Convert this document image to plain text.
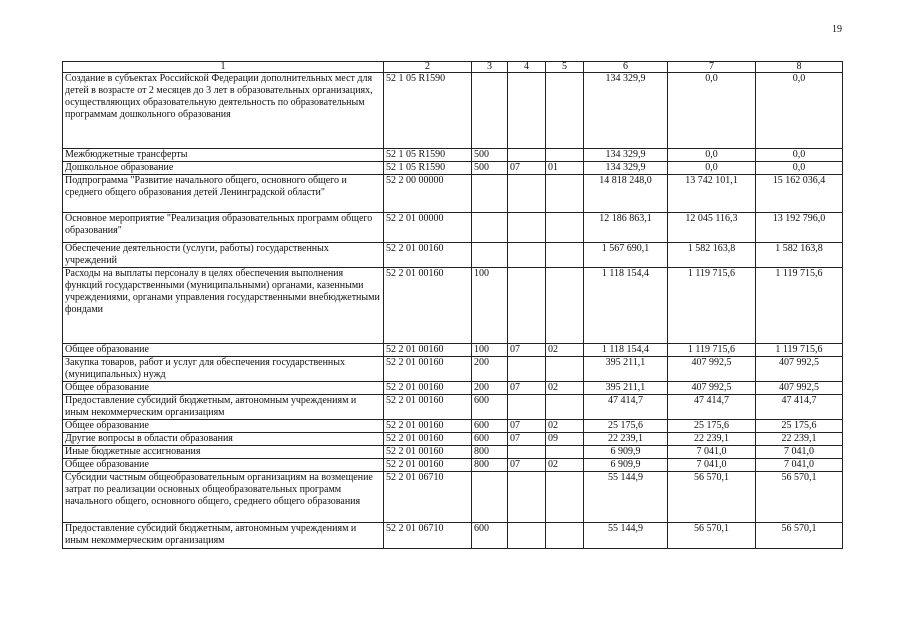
19
1	2	3	4	5	6	7	8
Создание в субъектах Российской Федерации дополнительных мест для детей в возрасте от 2 месяцев до 3 лет в образовательных организациях, осуществляющих образовательную деятельность по образовательным программам дошкольного образования	52 1 05 R1590				134 329,9	0,0	0,0
Межбюджетные трансферты	52 1 05 R1590	500			134 329,9	0,0	0,0
Дошкольное образование	52 1 05 R1590	500	07	01	134 329,9	0,0	0,0
Подпрограмма "Развитие начального общего, основного общего и среднего общего образования детей Ленинградской области"	52 2 00 00000				14 818 248,0	13 742 101,1	15 162 036,4
Основное мероприятие "Реализация образовательных программ общего образования"	52 2 01 00000				12 186 863,1	12 045 116,3	13 192 796,0
Обеспечение деятельности (услуги, работы) государственных учреждений	52 2 01 00160				1 567 690,1	1 582 163,8	1 582 163,8
Расходы на выплаты персоналу в целях обеспечения выполнения функций государственными (муниципальными) органами, казенными учреждениями, органами управления государственными внебюджетными фондами	52 2 01 00160	100			1 118 154,4	1 119 715,6	1 119 715,6
Общее образование	52 2 01 00160	100	07	02	1 118 154,4	1 119 715,6	1 119 715,6
Закупка товаров, работ и услуг для обеспечения государственных (муниципальных) нужд	52 2 01 00160	200			395 211,1	407 992,5	407 992,5
Общее образование	52 2 01 00160	200	07	02	395 211,1	407 992,5	407 992,5
Предоставление субсидий бюджетным, автономным учреждениям и иным некоммерческим организациям	52 2 01 00160	600			47 414,7	47 414,7	47 414,7
Общее образование	52 2 01 00160	600	07	02	25 175,6	25 175,6	25 175,6
Другие вопросы в области образования	52 2 01 00160	600	07	09	22 239,1	22 239,1	22 239,1
Иные бюджетные ассигнования	52 2 01 00160	800			6 909,9	7 041,0	7 041,0
Общее образование	52 2 01 00160	800	07	02	6 909,9	7 041,0	7 041,0
Субсидии частным общеобразовательным организациям на возмещение затрат по реализации основных общеобразовательных программ начального общего, основного общего, среднего общего образования	52 2 01 06710				55 144,9	56 570,1	56 570,1
Предоставление субсидий бюджетным, автономным учреждениям и иным некоммерческим организациям	52 2 01 06710	600			55 144,9	56 570,1	56 570,1
